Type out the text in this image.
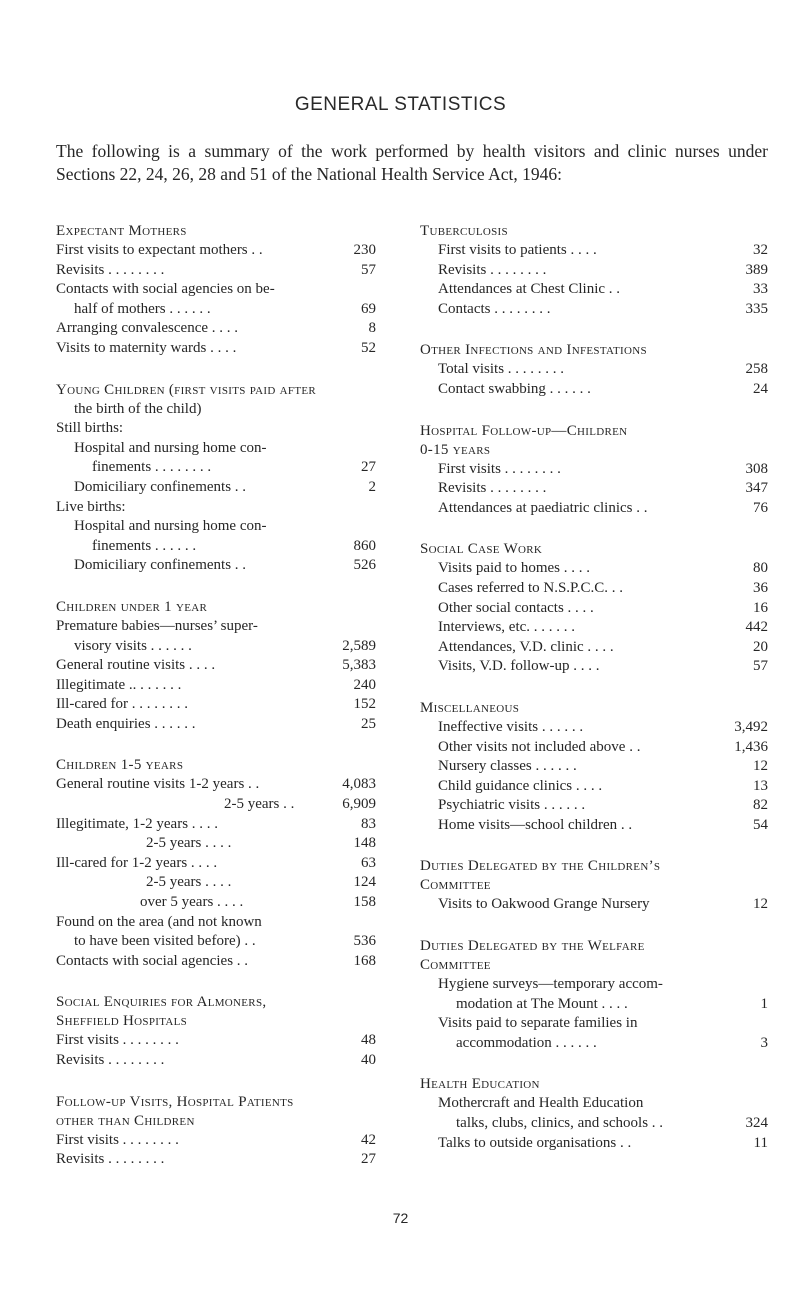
GENERAL STATISTICS
The following is a summary of the work performed by health visitors and clinic nurses under Sections 22, 24, 26, 28 and 51 of the National Health Service Act, 1946:
Expectant Mothers
First visits to expectant mothers . .	230
Revisits . . . . . . . .	57
Contacts with social agencies on be-
half of mothers . . . . . .	69
Arranging convalescence . . . .	8
Visits to maternity wards . . . .	52
Young Children (first visits paid after
the birth of the child)
Still births:
Hospital and nursing home con-
finements . . . . . . . .	27
Domiciliary confinements . .	2
Live births:
Hospital and nursing home con-
finements . . . . . .	860
Domiciliary confinements . .	526
Children under 1 year
Premature babies—nurses’ super-
visory visits . . . . . .	2,589
General routine visits . . . .	5,383
Illegitimate .. . . . . . .	240
Ill-cared for . . . . . . . .	152
Death enquiries . . . . . .	25
Children 1-5 years
General routine visits 1-2 years . .	4,083
2-5 years . .	6,909
Illegitimate, 1-2 years . . . .	83
2-5 years . . . .	148
Ill-cared for 1-2 years . . . .	63
2-5 years . . . .	124
over 5 years . . . .	158
Found on the area (and not known
to have been visited before) . .	536
Contacts with social agencies . .	168
Social Enquiries for Almoners,
Sheffield Hospitals
First visits . . . . . . . .	48
Revisits . . . . . . . .	40
Follow-up Visits, Hospital Patients
other than Children
First visits . . . . . . . .	42
Revisits . . . . . . . .	27
Tuberculosis
First visits to patients . . . .	32
Revisits . . . . . . . .	389
Attendances at Chest Clinic . .	33
Contacts . . . . . . . .	335
Other Infections and Infestations
Total visits . . . . . . . .	258
Contact swabbing . . . . . .	24
Hospital Follow-up—Children
0-15 years
First visits . . . . . . . .	308
Revisits . . . . . . . .	347
Attendances at paediatric clinics . .	76
Social Case Work
Visits paid to homes . . . .	80
Cases referred to N.S.P.C.C. . .	36
Other social contacts . . . .	16
Interviews, etc. . . . . . .	442
Attendances, V.D. clinic . . . .	20
Visits, V.D. follow-up . . . .	57
Miscellaneous
Ineffective visits . . . . . .	3,492
Other visits not included above . .	1,436
Nursery classes . . . . . .	12
Child guidance clinics . . . .	13
Psychiatric visits . . . . . .	82
Home visits—school children . .	54
Duties Delegated by the Children’s
Committee
Visits to Oakwood Grange Nursery	12
Duties Delegated by the Welfare
Committee
Hygiene surveys—temporary accom-
modation at The Mount . . . .	1
Visits paid to separate families in
accommodation . . . . . .	3
Health Education
Mothercraft and Health Education
talks, clubs, clinics, and schools . .	324
Talks to outside organisations . .	11
72
